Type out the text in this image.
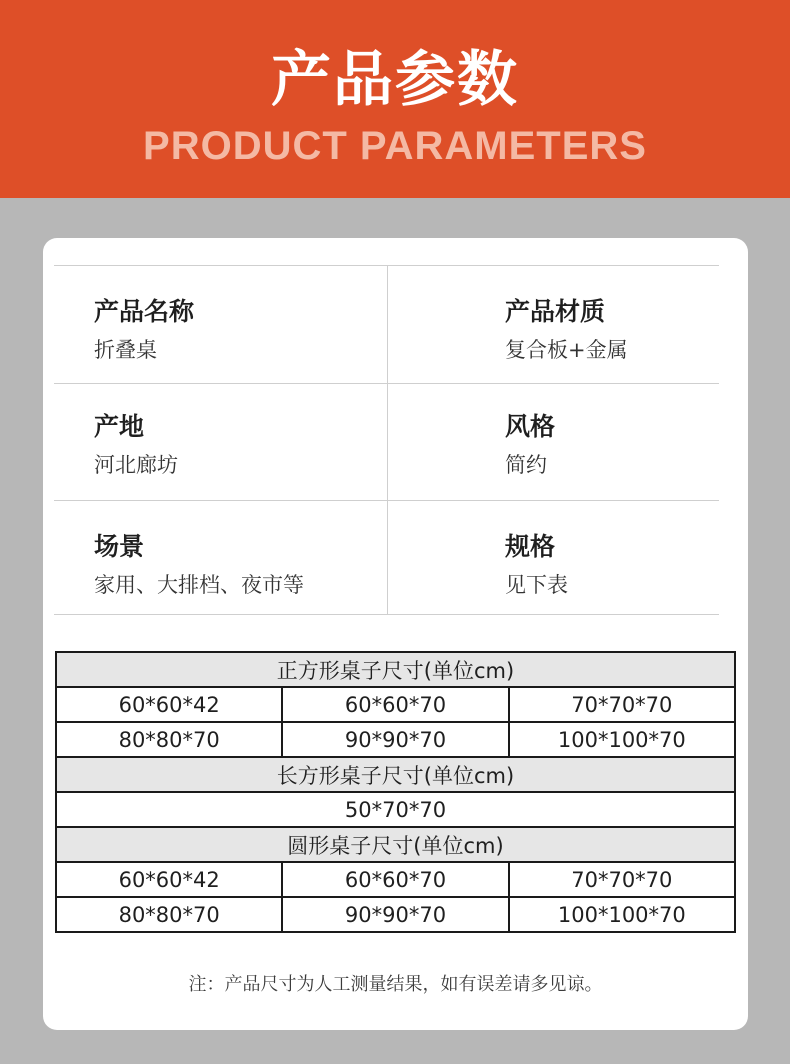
产品参数
PRODUCT PARAMETERS
产品名称
折叠桌
产品材质
复合板+金属
产地
河北廊坊
风格
简约
场景
家用、大排档、夜市等
规格
见下表
正方形桌子尺寸(单位cm)		
60*60*42	60*60*70	70*70*70
80*80*70	90*90*70	100*100*70
长方形桌子尺寸(单位cm)		
50*70*70		
圆形桌子尺寸(单位cm)		
60*60*42	60*60*70	70*70*70
80*80*70	90*90*70	100*100*70
注：产品尺寸为人工测量结果，如有误差请多见谅。
